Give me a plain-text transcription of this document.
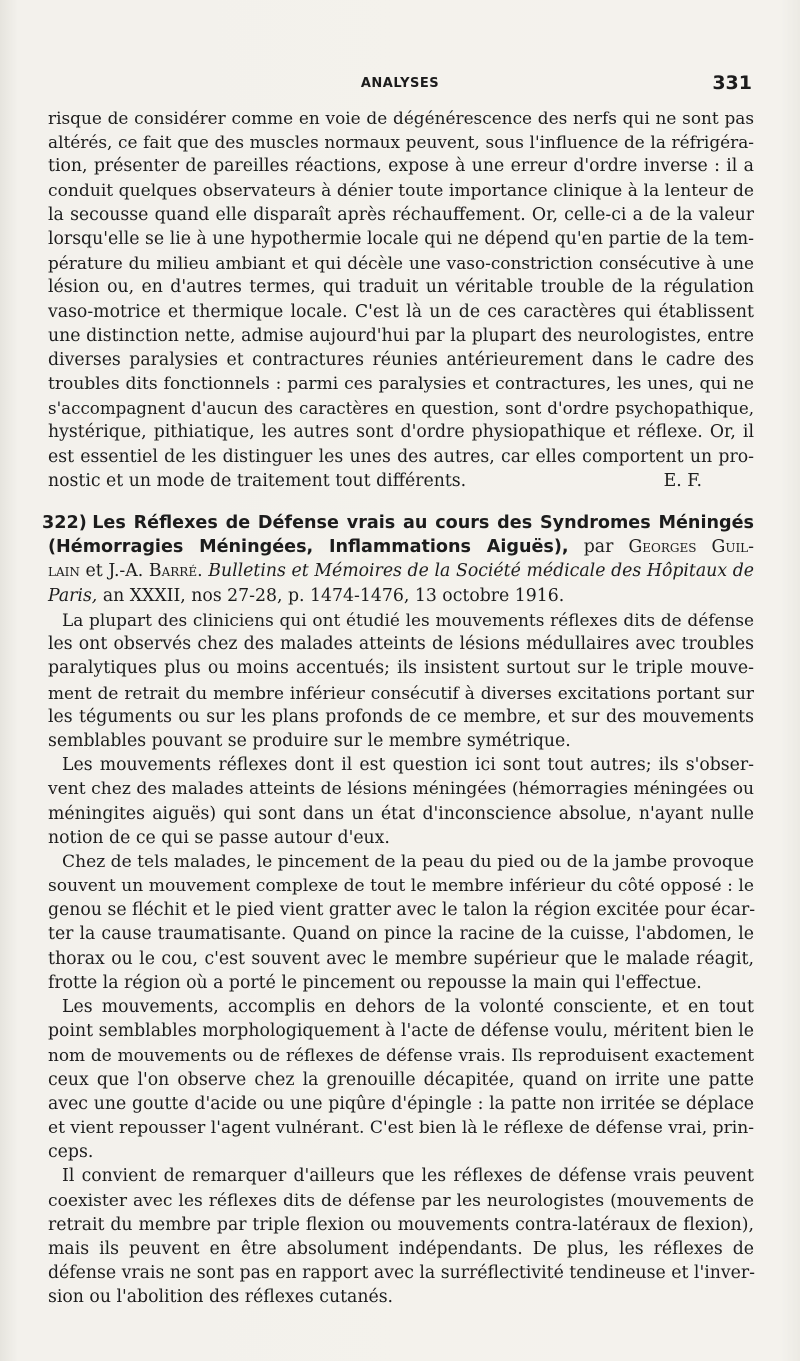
ANALYSES	331
risque de considérer comme en voie de dégénérescence des nerfs qui ne sont pas
altérés, ce fait que des muscles normaux peuvent, sous l'influence de la réfrigéra-
tion, présenter de pareilles réactions, expose à une erreur d'ordre inverse : il a
conduit quelques observateurs à dénier toute importance clinique à la lenteur de
la secousse quand elle disparaît après réchauffement. Or, celle-ci a de la valeur
lorsqu'elle se lie à une hypothermie locale qui ne dépend qu'en partie de la tem-
pérature du milieu ambiant et qui décèle une vaso-constriction consécutive à une
lésion ou, en d'autres termes, qui traduit un véritable trouble de la régulation
vaso-motrice et thermique locale. C'est là un de ces caractères qui établissent
une distinction nette, admise aujourd'hui par la plupart des neurologistes, entre
diverses paralysies et contractures réunies antérieurement dans le cadre des
troubles dits fonctionnels : parmi ces paralysies et contractures, les unes, qui ne
s'accompagnent d'aucun des caractères en question, sont d'ordre psychopathique,
hystérique, pithiatique, les autres sont d'ordre physiopathique et réflexe. Or, il
est essentiel de les distinguer les unes des autres, car elles comportent un pro-
nostic et un mode de traitement tout différents.	E. F.
322) Les Réflexes de Défense vrais au cours des Syndromes Méningés
(Hémorragies Méningées, Inflammations Aiguës), par Georges Guil-
lain et J.-A. Barré. Bulletins et Mémoires de la Société médicale des Hôpitaux de
Paris, an XXXII, nos 27-28, p. 1474-1476, 13 octobre 1916.
La plupart des cliniciens qui ont étudié les mouvements réflexes dits de défense
les ont observés chez des malades atteints de lésions médullaires avec troubles
paralytiques plus ou moins accentués; ils insistent surtout sur le triple mouve-
ment de retrait du membre inférieur consécutif à diverses excitations portant sur
les téguments ou sur les plans profonds de ce membre, et sur des mouvements
semblables pouvant se produire sur le membre symétrique.
Les mouvements réflexes dont il est question ici sont tout autres; ils s'obser-
vent chez des malades atteints de lésions méningées (hémorragies méningées ou
méningites aiguës) qui sont dans un état d'inconscience absolue, n'ayant nulle
notion de ce qui se passe autour d'eux.
Chez de tels malades, le pincement de la peau du pied ou de la jambe provoque
souvent un mouvement complexe de tout le membre inférieur du côté opposé : le
genou se fléchit et le pied vient gratter avec le talon la région excitée pour écar-
ter la cause traumatisante. Quand on pince la racine de la cuisse, l'abdomen, le
thorax ou le cou, c'est souvent avec le membre supérieur que le malade réagit,
frotte la région où a porté le pincement ou repousse la main qui l'effectue.
Les mouvements, accomplis en dehors de la volonté consciente, et en tout
point semblables morphologiquement à l'acte de défense voulu, méritent bien le
nom de mouvements ou de réflexes de défense vrais. Ils reproduisent exactement
ceux que l'on observe chez la grenouille décapitée, quand on irrite une patte
avec une goutte d'acide ou une piqûre d'épingle : la patte non irritée se déplace
et vient repousser l'agent vulnérant. C'est bien là le réflexe de défense vrai, prin-
ceps.
Il convient de remarquer d'ailleurs que les réflexes de défense vrais peuvent
coexister avec les réflexes dits de défense par les neurologistes (mouvements de
retrait du membre par triple flexion ou mouvements contra-latéraux de flexion),
mais ils peuvent en être absolument indépendants. De plus, les réflexes de
défense vrais ne sont pas en rapport avec la surréflectivité tendineuse et l'inver-
sion ou l'abolition des réflexes cutanés.
